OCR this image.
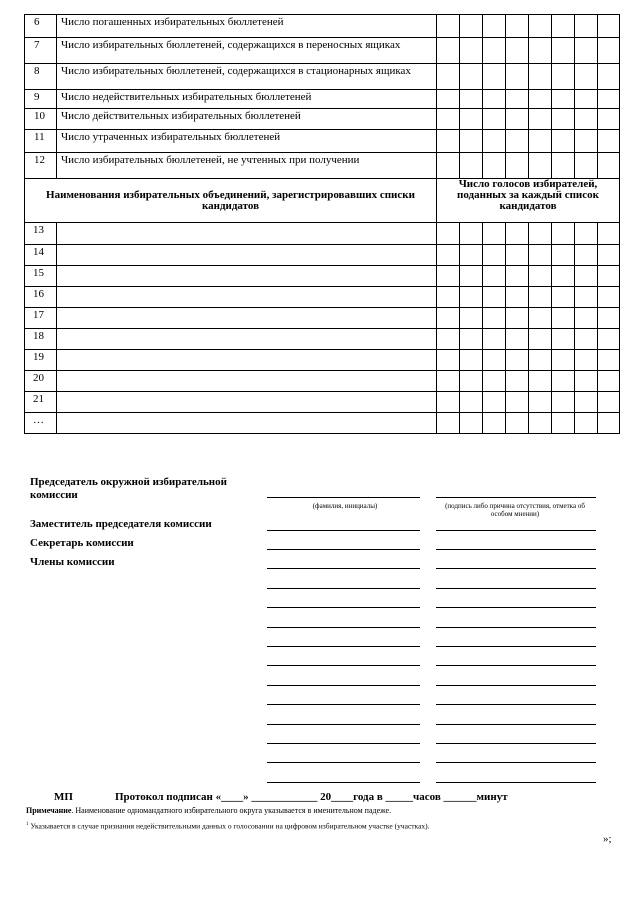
6	Число погашенных избирательных бюллетеней								
7	Число избирательных бюллетеней, содержащихся в переносных ящиках								
8	Число избирательных бюллетеней, содержащихся в стационарных ящиках								
9	Число недействительных избирательных бюллетеней								
10	Число действительных избирательных бюллетеней								
11	Число утраченных избирательных бюллетеней								
12	Число избирательных бюллетеней, не учтенных при получении								
Наименования избирательных объединений, зарегистрировавших списки кандидатов		Число голосов избирателей, поданных за каждый список кандидатов							
13									
14									
15									
16									
17									
18									
19									
20									
21									
…									
Председатель окружной избирательной комиссии
(фамилия, инициалы)	(подпись либо причина отсутствия, отметка об особом мнении)
Заместитель председателя комиссии
Секретарь комиссии
Члены комиссии
МП	Протокол подписан «____» ____________ 20____года в _____часов ______минут
Примечание. Наименование одномандатного избирательного округа указывается в именительном падеже.
$^1$ Указывается в случае признания недействительными данных о голосовании на цифровом избирательном участке (участках).
»;
